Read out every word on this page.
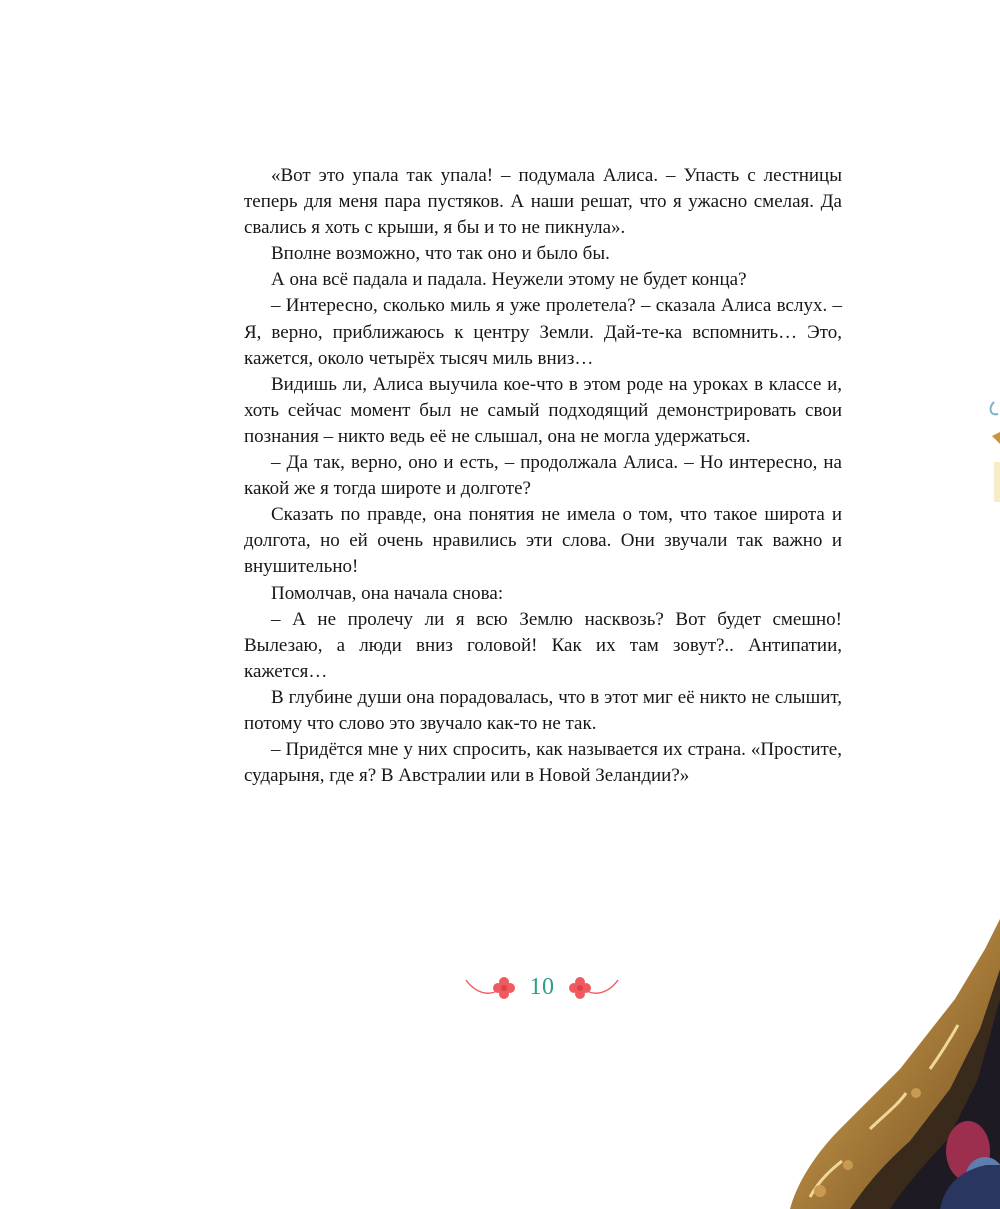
«Вот это упала так упала! – подумала Алиса. – Упасть с лестницы теперь для меня пара пустяков. А наши решат, что я ужасно смелая. Да свались я хоть с крыши, я бы и то не пикнула».

Вполне возможно, что так оно и было бы.

А она всё падала и падала. Неужели этому не будет конца?

– Интересно, сколько миль я уже пролетела? – сказала Алиса вслух. – Я, верно, приближаюсь к центру Земли. Дай-те-ка вспомнить… Это, кажется, около четырёх тысяч миль вниз…

Видишь ли, Алиса выучила кое-что в этом роде на уроках в классе и, хоть сейчас момент был не самый подходящий демонстрировать свои познания – никто ведь её не слышал, она не могла удержаться.

– Да так, верно, оно и есть, – продолжала Алиса. – Но интересно, на какой же я тогда широте и долготе?

Сказать по правде, она понятия не имела о том, что такое широта и долгота, но ей очень нравились эти слова. Они звучали так важно и внушительно!

Помолчав, она начала снова:

– А не пролечу ли я всю Землю насквозь? Вот будет смешно! Вылезаю, а люди вниз головой! Как их там зовут?.. Антипатии, кажется…

В глубине души она порадовалась, что в этот миг её никто не слышит, потому что слово это звучало как-то не так.

– Придётся мне у них спросить, как называется их страна. «Простите, сударыня, где я? В Австралии или в Новой Зеландии?»

10
